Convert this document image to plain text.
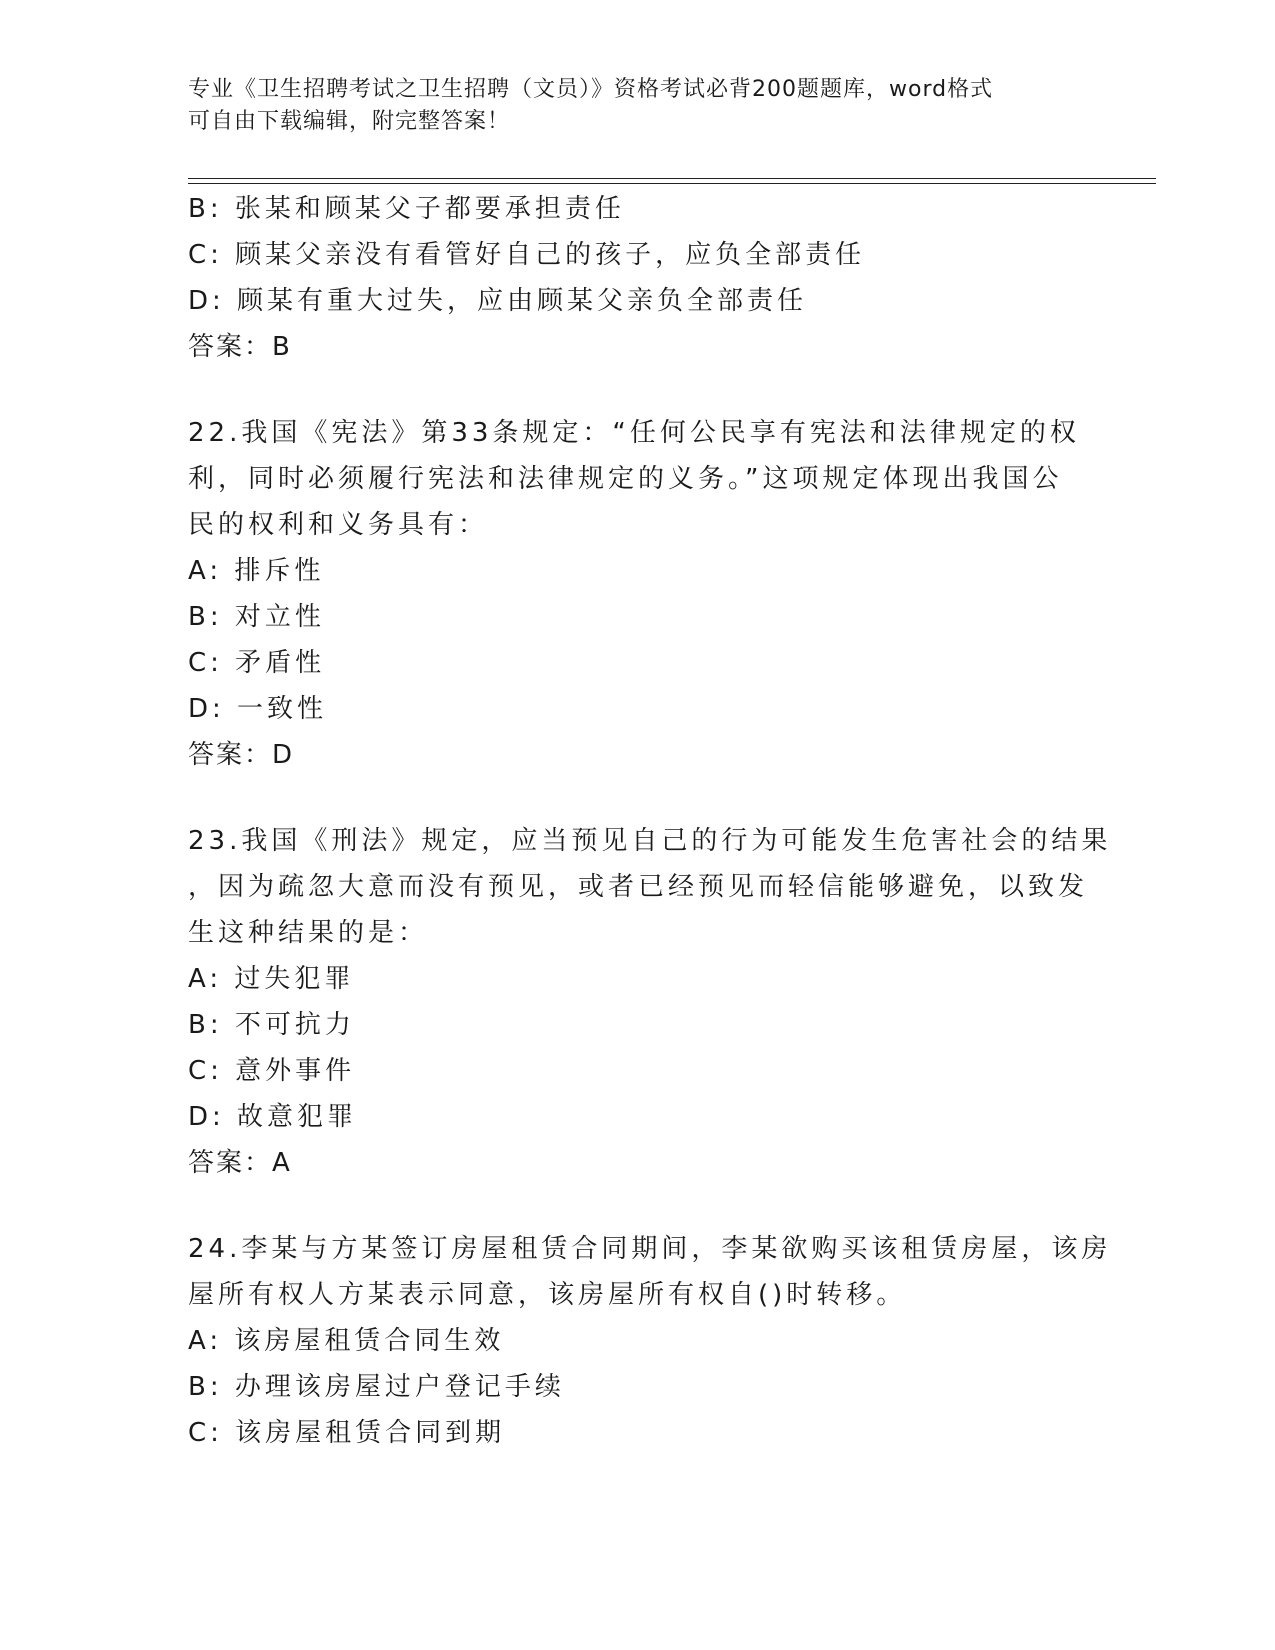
专业《卫生招聘考试之卫生招聘（文员）》资格考试必背200题题库，word格式
可自由下载编辑，附完整答案！
B: 张某和顾某父子都要承担责任
C: 顾某父亲没有看管好自己的孩子，应负全部责任
D: 顾某有重大过失，应由顾某父亲负全部责任
答案：B
22.我国《宪法》第33条规定：“任何公民享有宪法和法律规定的权
利，同时必须履行宪法和法律规定的义务。”这项规定体现出我国公
民的权利和义务具有：
A: 排斥性
B: 对立性
C: 矛盾性
D: 一致性
答案：D
23.我国《刑法》规定，应当预见自己的行为可能发生危害社会的结果
，因为疏忽大意而没有预见，或者已经预见而轻信能够避免，以致发
生这种结果的是：
A: 过失犯罪
B: 不可抗力
C: 意外事件
D: 故意犯罪
答案：A
24.李某与方某签订房屋租赁合同期间，李某欲购买该租赁房屋，该房
屋所有权人方某表示同意，该房屋所有权自()时转移。
A: 该房屋租赁合同生效
B: 办理该房屋过户登记手续
C: 该房屋租赁合同到期
